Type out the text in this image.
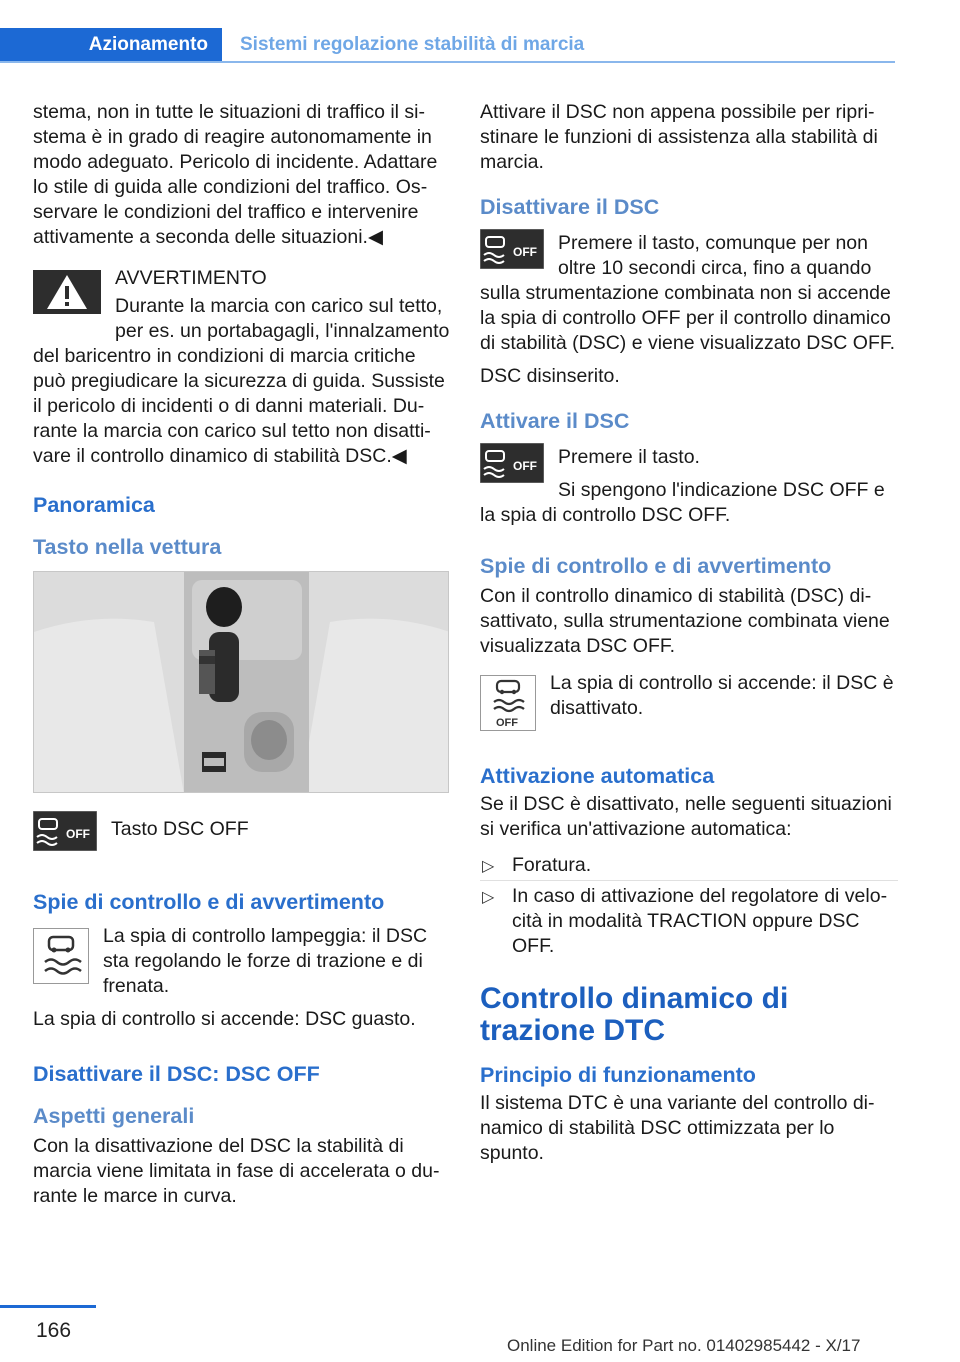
Azionamento	Sistemi regolazione stabilità di marcia

stema, non in tutte le situazioni di traffico il sistema è in grado di reagire autonomamente in modo adeguato. Pericolo di incidente. Adattare lo stile di guida alle condizioni del traffico. Osservare le condizioni del traffico e intervenire attivamente a seconda delle situazioni.◀

AVVERTIMENTO

Durante la marcia con carico sul tetto, per es. un portabagagli, l'innalzamento del baricentro in condizioni di marcia critiche può pregiudicare la sicurezza di guida. Sussiste il pericolo di incidenti o di danni materiali. Durante la marcia con carico sul tetto non disattivare il controllo dinamico di stabilità DSC.◀

Panoramica
Tasto nella vettura
OFF	Tasto DSC OFF

Spie di controllo e di avvertimento

La spia di controllo lampeggia: il DSC sta regolando le forze di trazione e di frenata.

La spia di controllo si accende: DSC guasto.

Disattivare il DSC: DSC OFF
Aspetti generali

Con la disattivazione del DSC la stabilità di marcia viene limitata in fase di accelerata o durante le marce in curva.

Attivare il DSC non appena possibile per ripristinare le funzioni di assistenza alla stabilità di marcia.

Disattivare il DSC
OFF	Premere il tasto, comunque per non oltre 10 secondi circa, fino a quando sulla strumentazione combinata non si accende la spia di controllo OFF per il controllo dinamico di stabilità (DSC) e viene visualizzato DSC OFF.

DSC disinserito.

Attivare il DSC
OFF	Premere il tasto.

Si spengono l'indicazione DSC OFF e la spia di controllo DSC OFF.

Spie di controllo e di avvertimento

Con il controllo dinamico di stabilità (DSC) disattivato, sulla strumentazione combinata viene visualizzata DSC OFF.

OFF

La spia di controllo si accende: il DSC è disattivato.

Attivazione automatica

Se il DSC è disattivato, nelle seguenti situazioni si verifica un'attivazione automatica:

▷ Foratura.
▷ In caso di attivazione del regolatore di velocità in modalità TRACTION oppure DSC OFF.
Controllo dinamico di trazione DTC
Principio di funzionamento

Il sistema DTC è una variante del controllo dinamico di stabilità DSC ottimizzata per lo spunto.

166
Online Edition for Part no. 01402985442 - X/17
